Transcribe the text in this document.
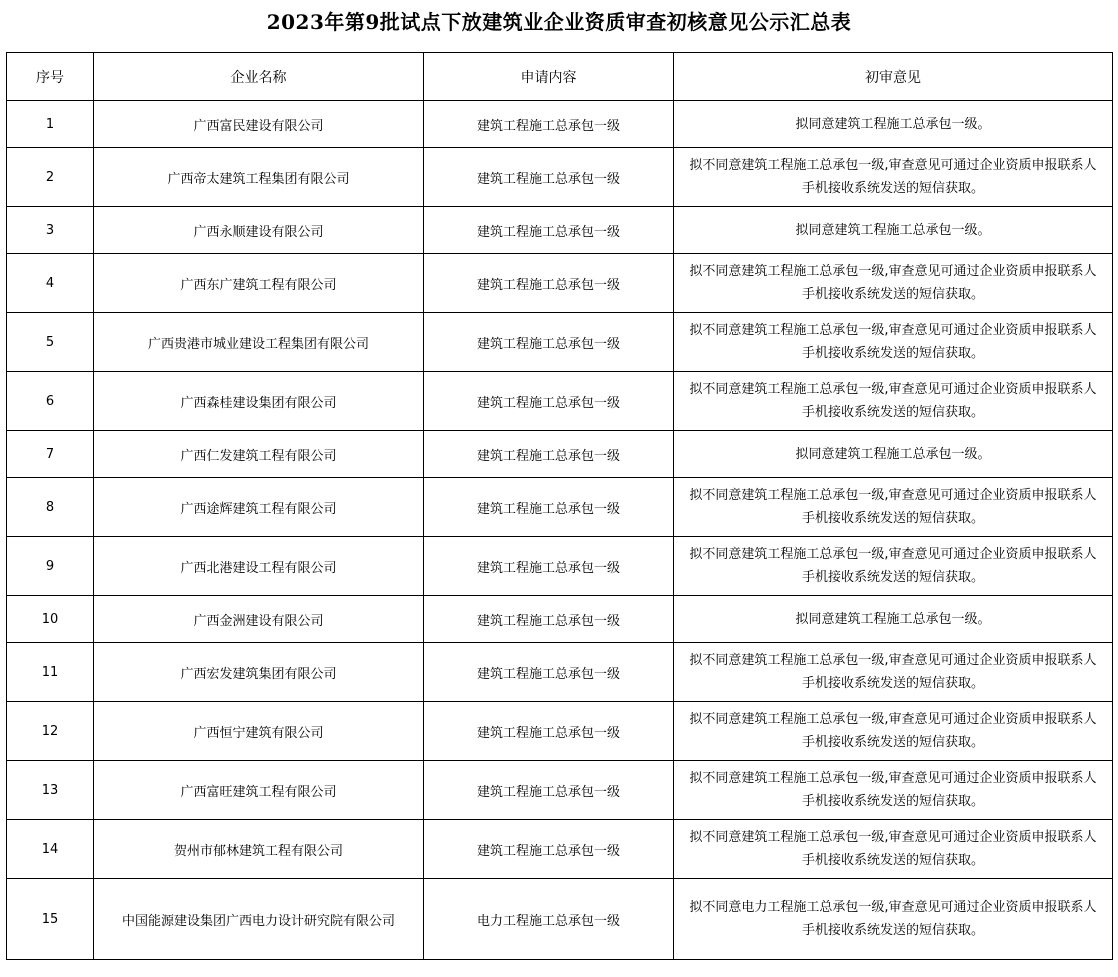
2023年第9批试点下放建筑业企业资质审查初核意见公示汇总表
序号	企业名称	申请内容	初审意见
1	广西富民建设有限公司	建筑工程施工总承包一级	拟同意建筑工程施工总承包一级。
2	广西帝太建筑工程集团有限公司	建筑工程施工总承包一级	拟不同意建筑工程施工总承包一级,审查意见可通过企业资质申报联系人手机接收系统发送的短信获取。
3	广西永顺建设有限公司	建筑工程施工总承包一级	拟同意建筑工程施工总承包一级。
4	广西东广建筑工程有限公司	建筑工程施工总承包一级	拟不同意建筑工程施工总承包一级,审查意见可通过企业资质申报联系人手机接收系统发送的短信获取。
5	广西贵港市城业建设工程集团有限公司	建筑工程施工总承包一级	拟不同意建筑工程施工总承包一级,审查意见可通过企业资质申报联系人手机接收系统发送的短信获取。
6	广西森桂建设集团有限公司	建筑工程施工总承包一级	拟不同意建筑工程施工总承包一级,审查意见可通过企业资质申报联系人手机接收系统发送的短信获取。
7	广西仁发建筑工程有限公司	建筑工程施工总承包一级	拟同意建筑工程施工总承包一级。
8	广西途辉建筑工程有限公司	建筑工程施工总承包一级	拟不同意建筑工程施工总承包一级,审查意见可通过企业资质申报联系人手机接收系统发送的短信获取。
9	广西北港建设工程有限公司	建筑工程施工总承包一级	拟不同意建筑工程施工总承包一级,审查意见可通过企业资质申报联系人手机接收系统发送的短信获取。
10	广西金洲建设有限公司	建筑工程施工总承包一级	拟同意建筑工程施工总承包一级。
11	广西宏发建筑集团有限公司	建筑工程施工总承包一级	拟不同意建筑工程施工总承包一级,审查意见可通过企业资质申报联系人手机接收系统发送的短信获取。
12	广西恒宁建筑有限公司	建筑工程施工总承包一级	拟不同意建筑工程施工总承包一级,审查意见可通过企业资质申报联系人手机接收系统发送的短信获取。
13	广西富旺建筑工程有限公司	建筑工程施工总承包一级	拟不同意建筑工程施工总承包一级,审查意见可通过企业资质申报联系人手机接收系统发送的短信获取。
14	贺州市郁林建筑工程有限公司	建筑工程施工总承包一级	拟不同意建筑工程施工总承包一级,审查意见可通过企业资质申报联系人手机接收系统发送的短信获取。
15	中国能源建设集团广西电力设计研究院有限公司	电力工程施工总承包一级	拟不同意电力工程施工总承包一级,审查意见可通过企业资质申报联系人手机接收系统发送的短信获取。
